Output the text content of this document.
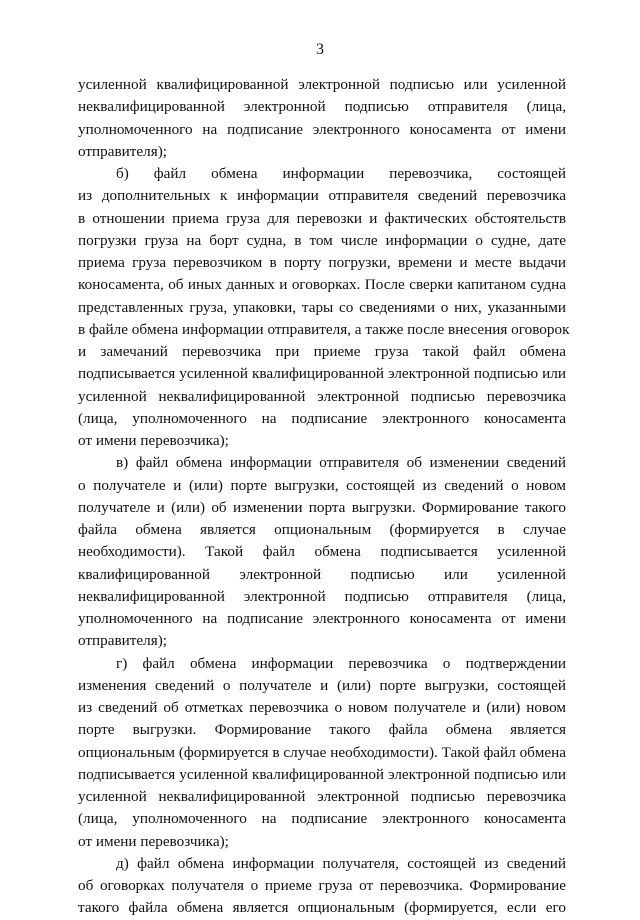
3
усиленной квалифицированной электронной подписью или усиленной
неквалифицированной электронной подписью отправителя (лица,
уполномоченного на подписание электронного коносамента от имени
отправителя);
б) файл обмена информации перевозчика, состоящей
из дополнительных к информации отправителя сведений перевозчика
в отношении приема груза для перевозки и фактических обстоятельств
погрузки груза на борт судна, в том числе информации о судне, дате
приема груза перевозчиком в порту погрузки, времени и месте выдачи
коносамента, об иных данных и оговорках. После сверки капитаном судна
представленных груза, упаковки, тары со сведениями о них, указанными
в файле обмена информации отправителя, а также после внесения оговорок
и замечаний перевозчика при приеме груза такой файл обмена
подписывается усиленной квалифицированной электронной подписью или
усиленной неквалифицированной электронной подписью перевозчика
(лица, уполномоченного на подписание электронного коносамента
от имени перевозчика);
в) файл обмена информации отправителя об изменении сведений
о получателе и (или) порте выгрузки, состоящей из сведений о новом
получателе и (или) об изменении порта выгрузки. Формирование такого
файла обмена является опциональным (формируется в случае
необходимости). Такой файл обмена подписывается усиленной
квалифицированной электронной подписью или усиленной
неквалифицированной электронной подписью отправителя (лица,
уполномоченного на подписание электронного коносамента от имени
отправителя);
г) файл обмена информации перевозчика о подтверждении
изменения сведений о получателе и (или) порте выгрузки, состоящей
из сведений об отметках перевозчика о новом получателе и (или) новом
порте выгрузки. Формирование такого файла обмена является
опциональным (формируется в случае необходимости). Такой файл обмена
подписывается усиленной квалифицированной электронной подписью или
усиленной неквалифицированной электронной подписью перевозчика
(лица, уполномоченного на подписание электронного коносамента
от имени перевозчика);
д) файл обмена информации получателя, состоящей из сведений
об оговорках получателя о приеме груза от перевозчика. Формирование
такого файла обмена является опциональным (формируется, если его
